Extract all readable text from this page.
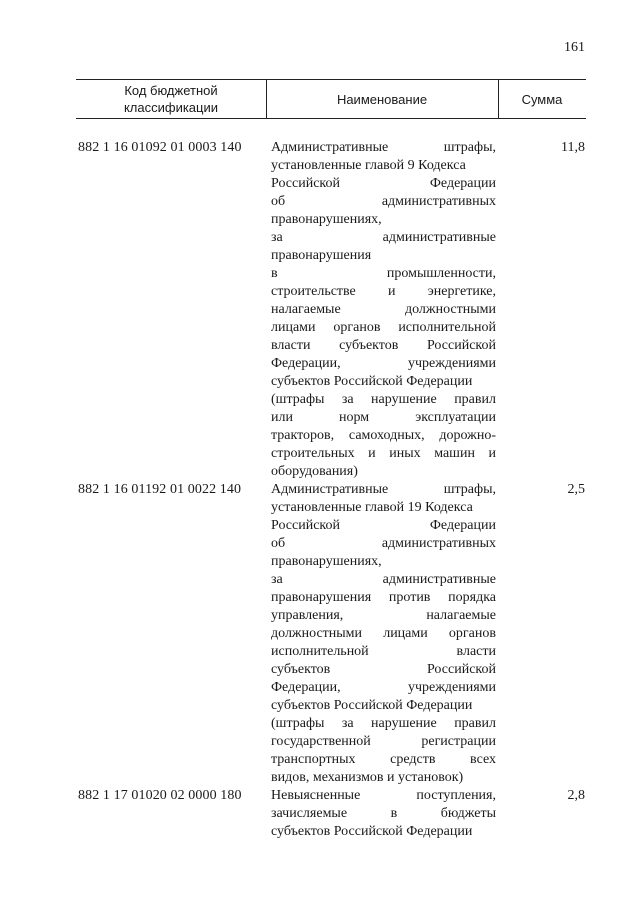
161
Код бюджетной
классификации
Наименование	Сумма
882 1 16 01092 01 0003 140 Административные штрафы,
установленные главой 9 Кодекса
Российской Федерации
об административных
правонарушениях,
за административные
правонарушения
в промышленности,
строительстве и энергетике,
налагаемые должностными
лицами органов исполнительной
власти субъектов Российской
Федерации, учреждениями
субъектов Российской Федерации
(штрафы за нарушение правил
или норм эксплуатации
тракторов, самоходных, дорожно-
строительных и иных машин и
оборудования)
11,8
882 1 16 01192 01 0022 140 Административные штрафы,
установленные главой 19 Кодекса
Российской Федерации
об административных
правонарушениях,
за административные
правонарушения против порядка
управления, налагаемые
должностными лицами органов
исполнительной власти
субъектов Российской
Федерации, учреждениями
субъектов Российской Федерации
(штрафы за нарушение правил
государственной регистрации
транспортных средств всех
видов, механизмов и установок)
2,5
882 1 17 01020 02 0000 180 Невыясненные поступления,
зачисляемые в бюджеты
субъектов Российской Федерации
2,8
